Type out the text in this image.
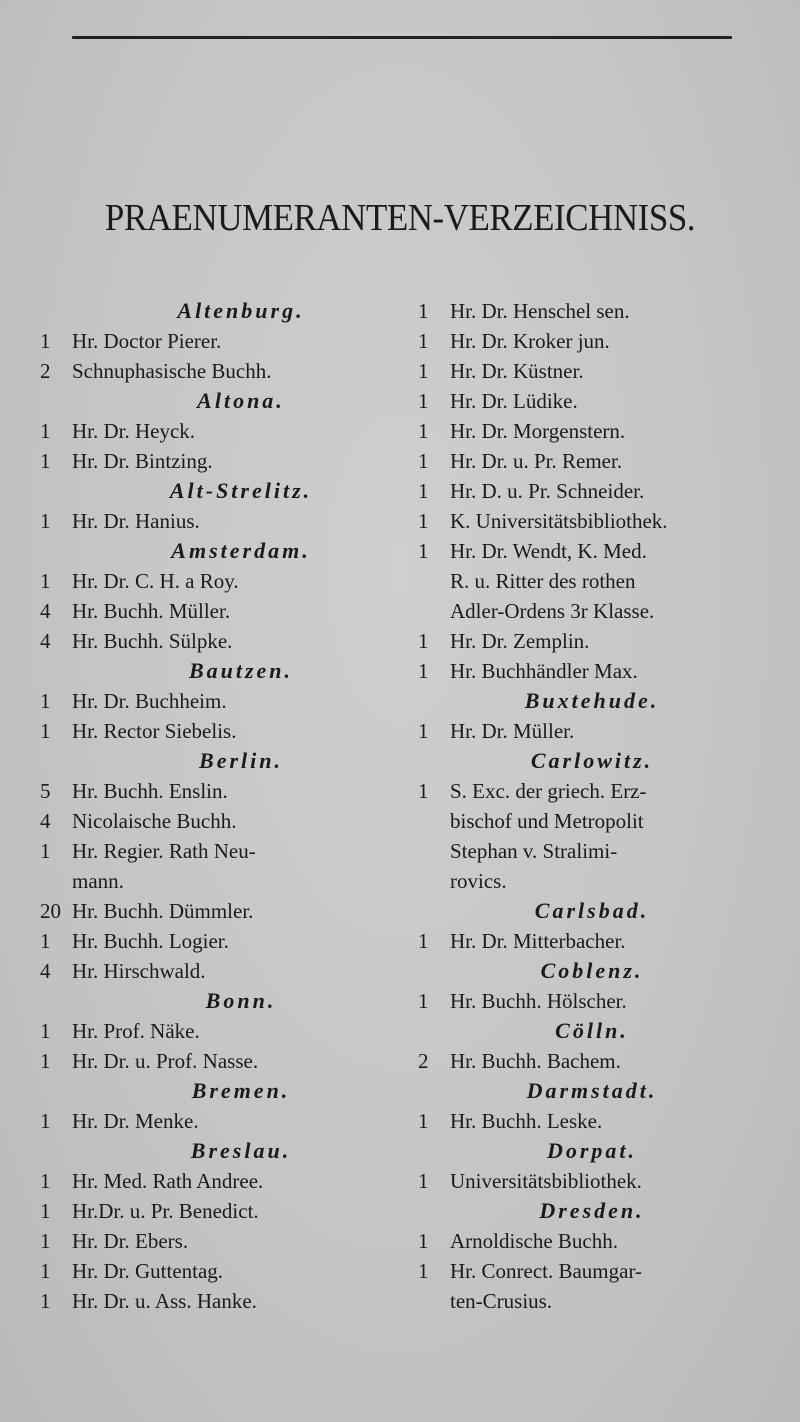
PRAENUMERANTEN-VERZEICHNISS.
Altenburg.
1	Hr. Doctor Pierer.
2	Schnuphasische Buchh.
Altona.
1	Hr. Dr. Heyck.
1	Hr. Dr. Bintzing.
Alt-Strelitz.
1	Hr. Dr. Hanius.
Amsterdam.
1	Hr. Dr. C. H. a Roy.
4	Hr. Buchh. Müller.
4	Hr. Buchh. Sülpke.
Bautzen.
1	Hr. Dr. Buchheim.
1	Hr. Rector Siebelis.
Berlin.
5	Hr. Buchh. Enslin.
4	Nicolaische Buchh.
1	Hr. Regier. Rath Neu-
mann.
20 Hr. Buchh. Dümmler.
1	Hr. Buchh. Logier.
4	Hr. Hirschwald.
Bonn.
1	Hr. Prof. Näke.
1	Hr. Dr. u. Prof. Nasse.
Bremen.
1	Hr. Dr. Menke.
Breslau.
1	Hr. Med. Rath Andree.
1	Hr.Dr. u. Pr. Benedict.
1	Hr. Dr. Ebers.
1	Hr. Dr. Guttentag.
1	Hr. Dr. u. Ass. Hanke.
1	Hr. Dr. Henschel sen.
1	Hr. Dr. Kroker jun.
1	Hr. Dr. Küstner.
1	Hr. Dr. Lüdike.
1	Hr. Dr. Morgenstern.
1	Hr. Dr. u. Pr. Remer.
1	Hr. D. u. Pr. Schneider.
1	K. Universitätsbibliothek.
1	Hr. Dr. Wendt, K. Med.
R. u. Ritter des rothen
Adler-Ordens 3r Klasse.
1	Hr. Dr. Zemplin.
1	Hr. Buchhändler Max.
Buxtehude.
1	Hr. Dr. Müller.
Carlowitz.
1	S. Exc. der griech. Erz-
bischof und Metropolit
Stephan v. Stralimi-
rovics.
Carlsbad.
1	Hr. Dr. Mitterbacher.
Coblenz.
1	Hr. Buchh. Hölscher.
Cölln.
2	Hr. Buchh. Bachem.
Darmstadt.
1	Hr. Buchh. Leske.
Dorpat.
1	Universitätsbibliothek.
Dresden.
1	Arnoldische Buchh.
1	Hr. Conrect. Baumgar-
ten-Crusius.
